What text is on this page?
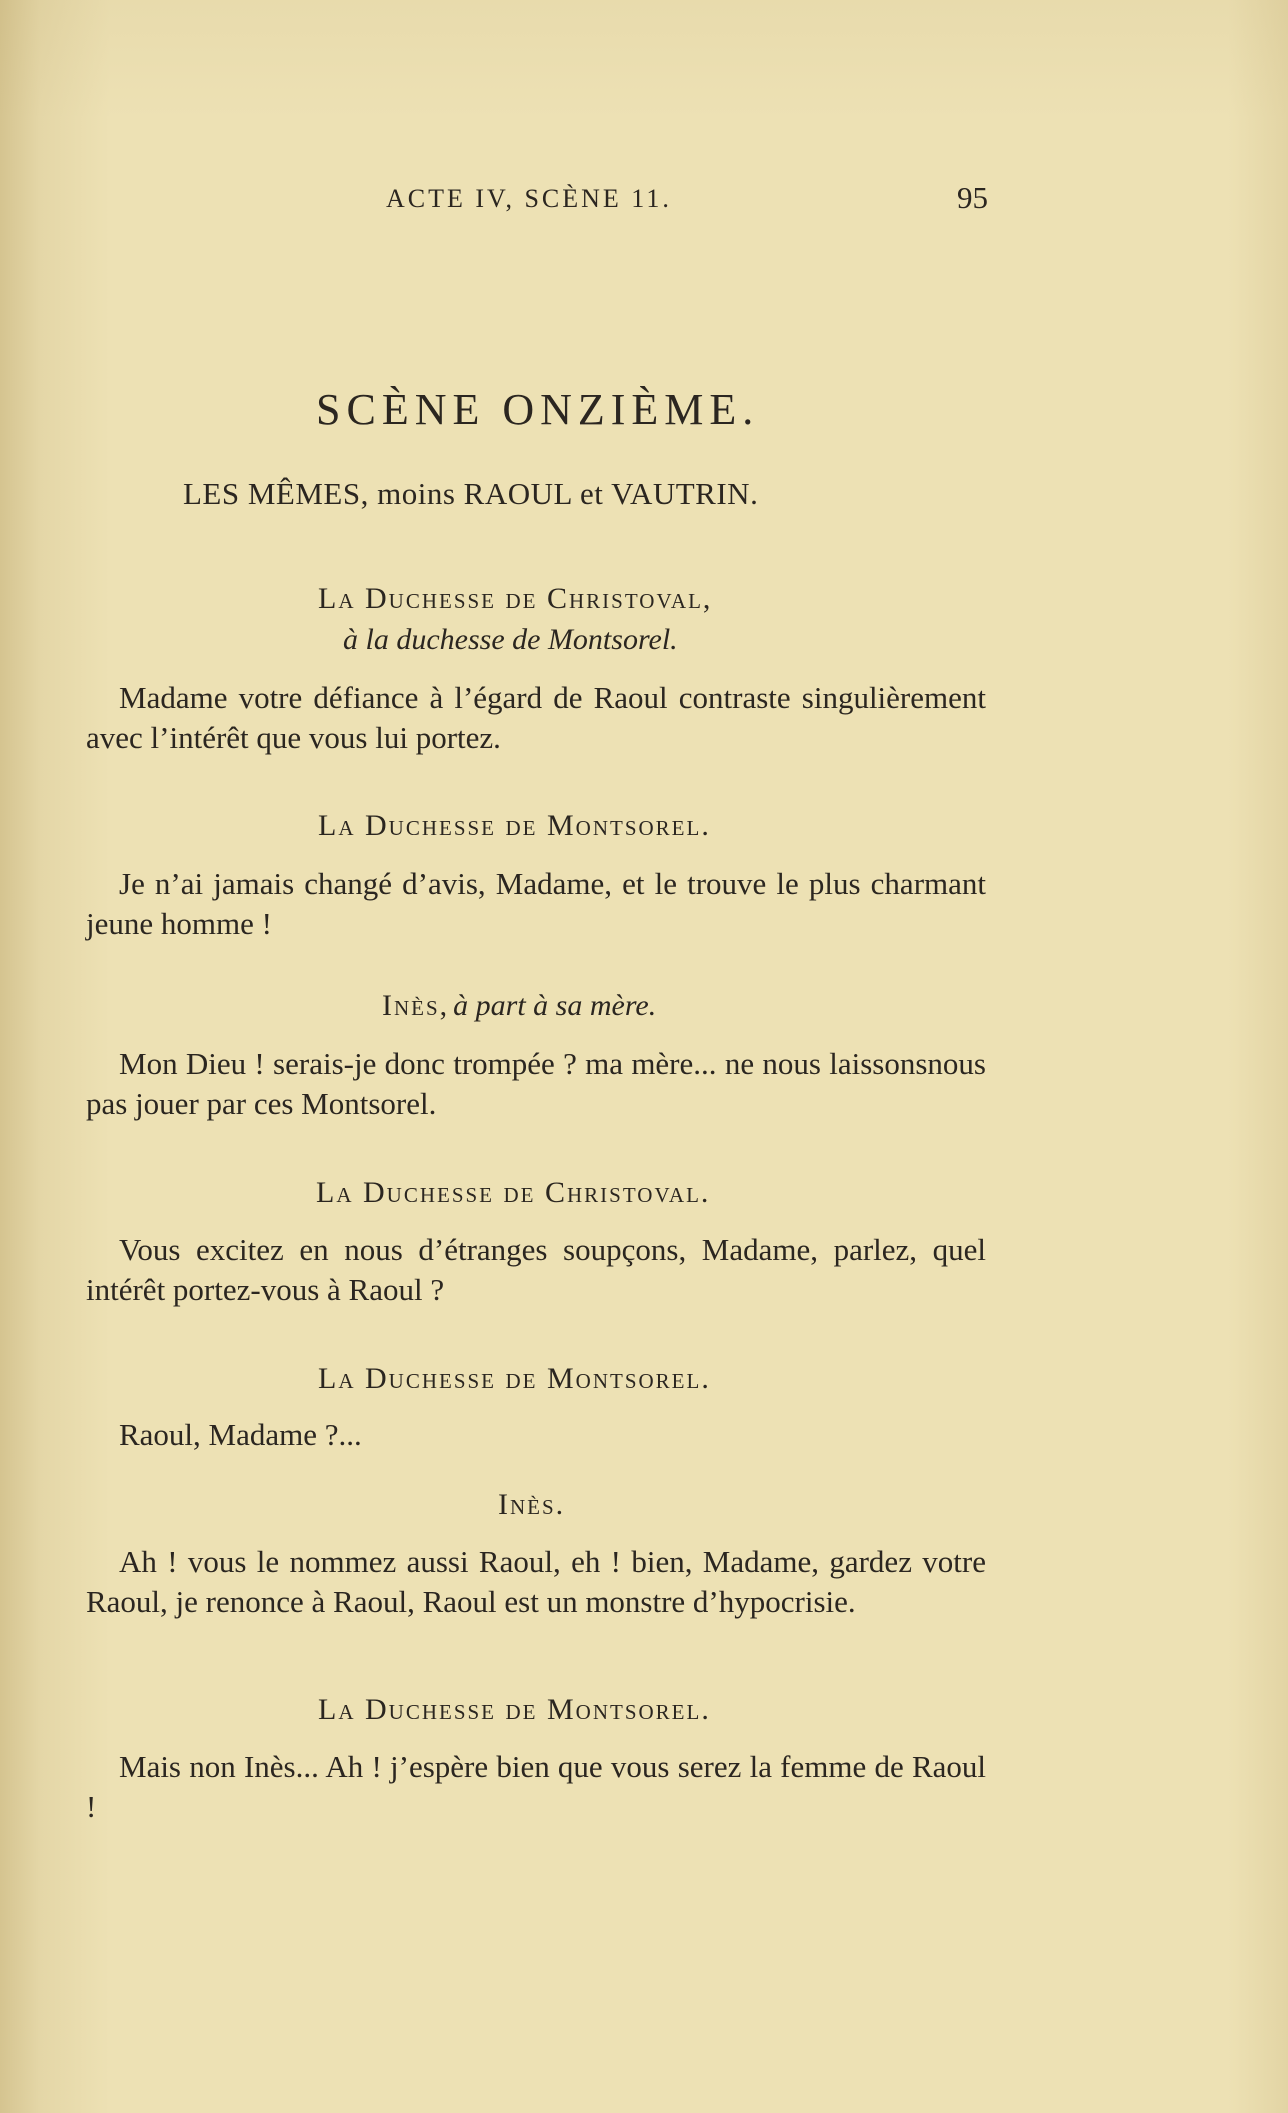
ACTE IV, SCÈNE 11.	95
SCÈNE ONZIÈME.
LES MÊMES, moins RAOUL et VAUTRIN.
La Duchesse de Christoval,
à la duchesse de Montsorel.

Madame votre défiance à l’égard de Raoul contraste singulièrement avec l’intérêt que vous lui portez.

La Duchesse de Montsorel.

Je n’ai jamais changé d’avis, Madame, et le trouve le plus charmant jeune homme !

Inès, à part à sa mère.

Mon Dieu ! serais-je donc trompée ? ma mère... ne nous laissonsnous pas jouer par ces Montsorel.

La Duchesse de Christoval.

Vous excitez en nous d’étranges soupçons, Madame, parlez, quel intérêt portez-vous à Raoul ?

La Duchesse de Montsorel.

Raoul, Madame ?...

Inès.

Ah ! vous le nommez aussi Raoul, eh ! bien, Madame, gardez votre Raoul, je renonce à Raoul, Raoul est un monstre d’hypocrisie.

La Duchesse de Montsorel.

Mais non Inès... Ah ! j’espère bien que vous serez la femme de Raoul !
